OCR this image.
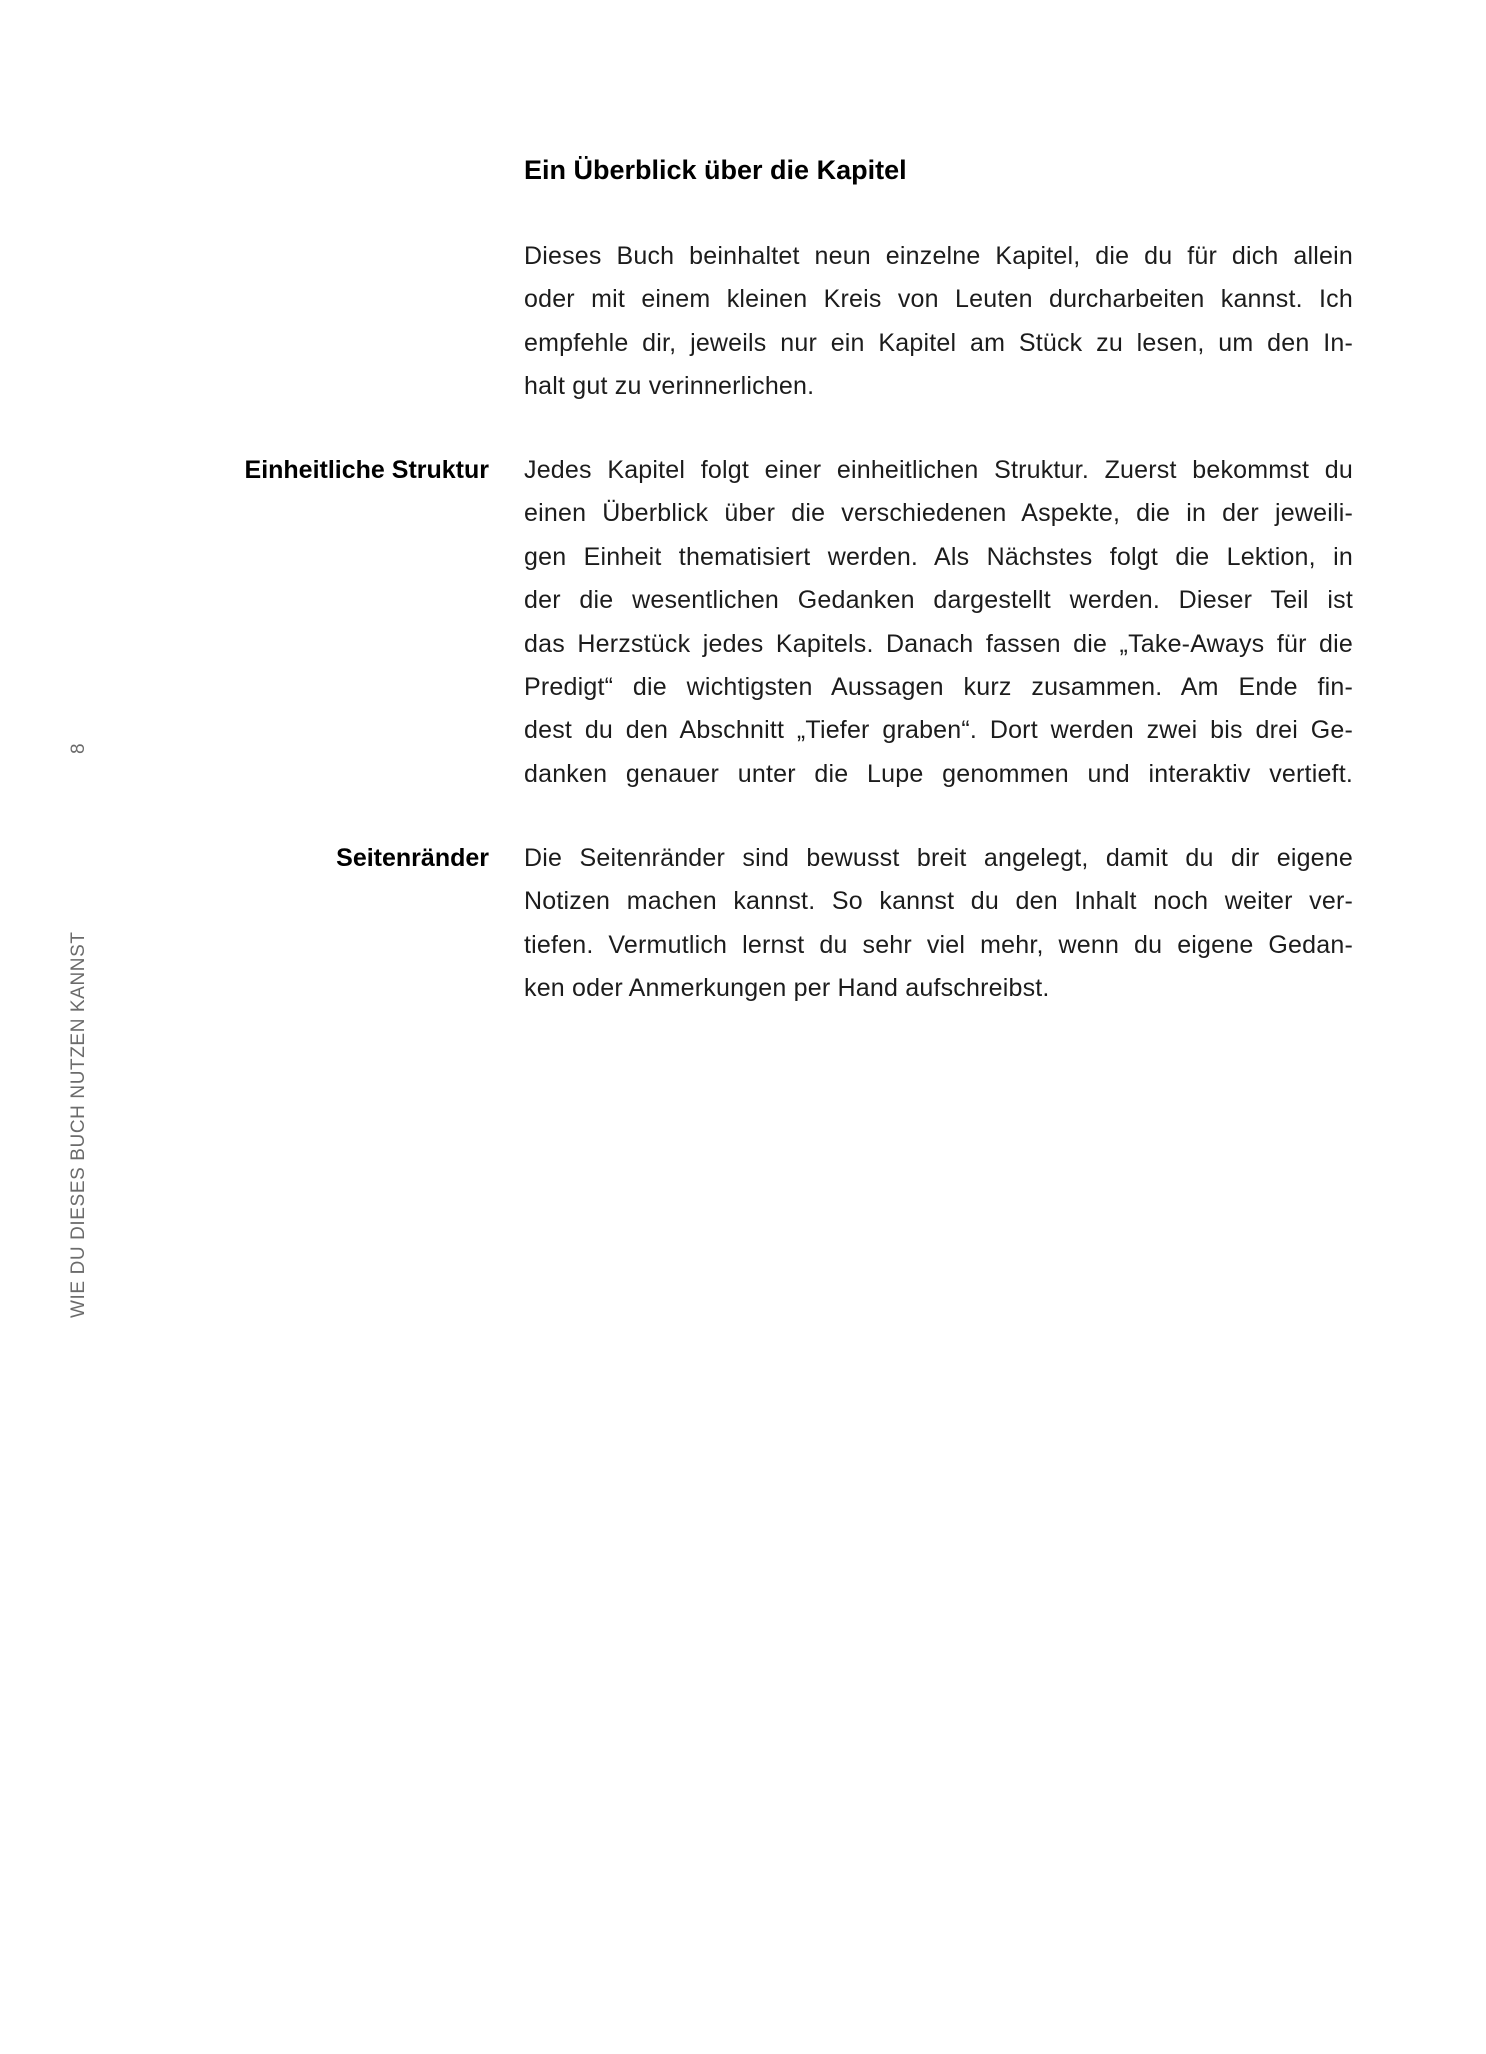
WIE DU DIESES BUCH NUTZEN KANNST
8
Ein Überblick über die Kapitel
Dieses Buch beinhaltet neun einzelne Kapitel, die du für dich allein
oder mit einem kleinen Kreis von Leuten durcharbeiten kannst. Ich
empfehle dir, jeweils nur ein Kapitel am Stück zu lesen, um den In-
halt gut zu verinnerlichen.
Einheitliche Struktur Jedes Kapitel folgt einer einheitlichen Struktur. Zuerst bekommst du
einen Überblick über die verschiedenen Aspekte, die in der jeweili-
gen Einheit thematisiert werden. Als Nächstes folgt die Lektion, in
der die wesentlichen Gedanken dargestellt werden. Dieser Teil ist
das Herzstück jedes Kapitels. Danach fassen die „Take-Aways für die
Predigt“ die wichtigsten Aussagen kurz zusammen. Am Ende fin-
dest du den Abschnitt „Tiefer graben“. Dort werden zwei bis drei Ge-
danken genauer unter die Lupe genommen und interaktiv vertieft.
Seitenränder Die Seitenränder sind bewusst breit angelegt, damit du dir eigene
Notizen machen kannst. So kannst du den Inhalt noch weiter ver-
tiefen. Vermutlich lernst du sehr viel mehr, wenn du eigene Gedan-
ken oder Anmerkungen per Hand aufschreibst.
